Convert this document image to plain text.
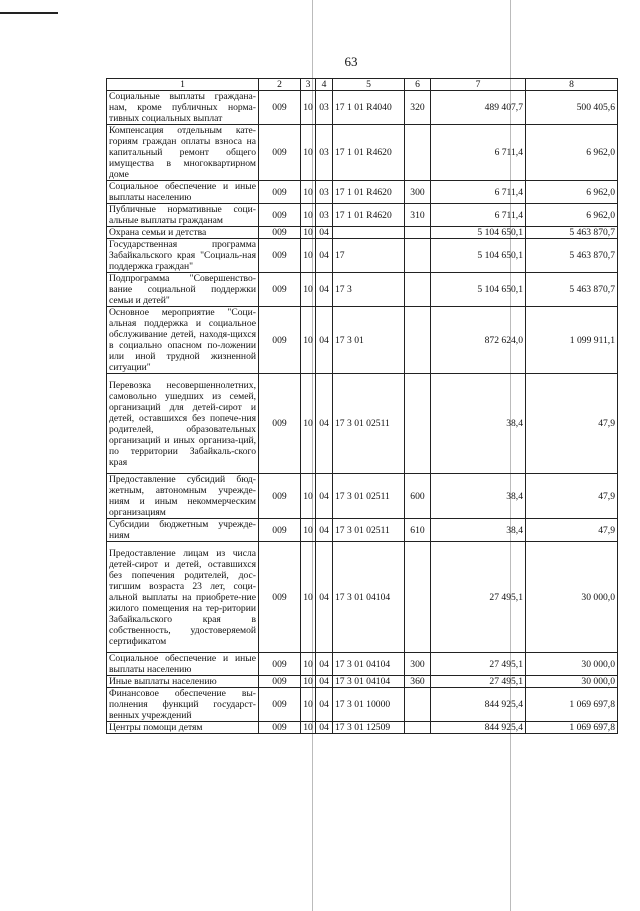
63
1	2	3	4	5	6	7	8
Социальные выплаты граждана-нам, кроме публичных норма-тивных социальных выплат	009	10	03	17 1 01 R4040	320	489 407,7	500 405,6
Компенсация отдельным кате-гориям граждан оплаты взноса на капитальный ремонт общего имущества в многоквартирном доме	009	10	03	17 1 01 R4620		6 711,4	6 962,0
Социальное обеспечение и иные выплаты населению	009	10	03	17 1 01 R4620	300	6 711,4	6 962,0
Публичные нормативные соци-альные выплаты гражданам	009	10	03	17 1 01 R4620	310	6 711,4	6 962,0
Охрана семьи и детства	009	10	04			5 104 650,1	5 463 870,7
Государственная программа Забайкальского края "Социаль-ная поддержка граждан"	009	10	04	17		5 104 650,1	5 463 870,7
Подпрограмма "Совершенство-вание социальной поддержки семьи и детей"	009	10	04	17 3		5 104 650,1	5 463 870,7
Основное мероприятие "Соци-альная поддержка и социальное обслуживание детей, находя-щихся в социально опасном по-ложении или иной трудной жизненной ситуации"	009	10	04	17 3 01		872 624,0	1 099 911,1
Перевозка несовершеннолетних, самовольно ушедших из семей, организаций для детей-сирот и детей, оставшихся без попече-ния родителей, образовательных организаций и иных организа-ций, по территории Забайкаль-ского края	009	10	04	17 3 01 02511		38,4	47,9
Предоставление субсидий бюд-жетным, автономным учрежде-ниям и иным некоммерческим организациям	009	10	04	17 3 01 02511	600	38,4	47,9
Субсидии бюджетным учрежде-ниям	009	10	04	17 3 01 02511	610	38,4	47,9
Предоставление лицам из числа детей-сирот и детей, оставшихся без попечения родителей, дос-тигшим возраста 23 лет, соци-альной выплаты на приобрете-ние жилого помещения на тер-ритории Забайкальского края в собственность, удостоверяемой сертификатом	009	10	04	17 3 01 04104		27 495,1	30 000,0
Социальное обеспечение и иные выплаты населению	009	10	04	17 3 01 04104	300	27 495,1	30 000,0
Иные выплаты населению	009	10	04	17 3 01 04104	360	27 495,1	30 000,0
Финансовое обеспечение вы-полнения функций государст-венных учреждений	009	10	04	17 3 01 10000		844 925,4	1 069 697,8
Центры помощи детям	009	10	04	17 3 01 12509		844 925,4	1 069 697,8
